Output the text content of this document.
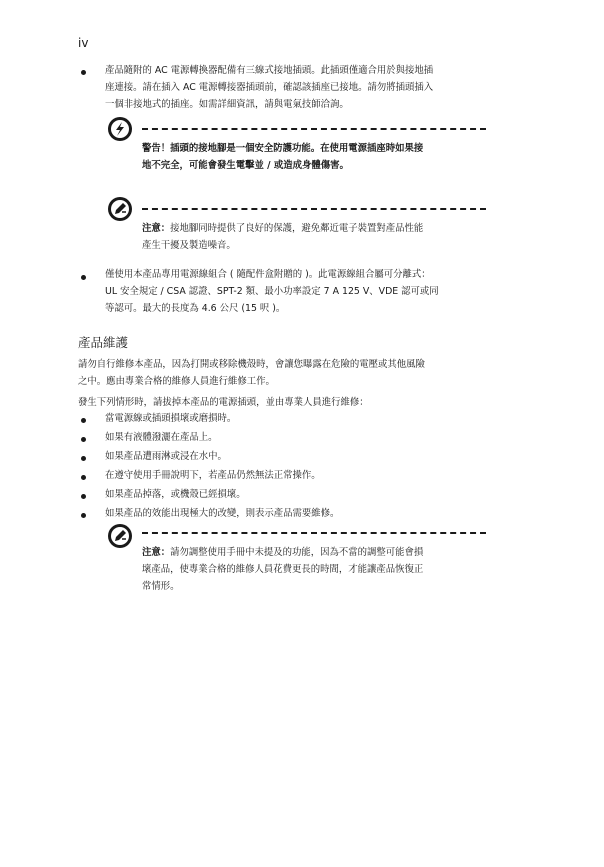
iv
產品隨附的 AC 電源轉換器配備有三線式接地插頭。此插頭僅適合用於與接地插
座連接。請在插入 AC 電源轉接器插頭前，確認該插座已接地。請勿將插頭插入
一個非接地式的插座。如需詳細資訊，請與電氣技師洽詢。
警告！插頭的接地腳是一個安全防護功能。在使用電源插座時如果接
地不完全，可能會發生電擊並 / 或造成身體傷害。
注意：接地腳同時提供了良好的保護，避免鄰近電子裝置對產品性能
產生干擾及製造噪音。
僅使用本產品專用電源線組合 ( 隨配件盒附贈的 )。此電源線組合屬可分離式：
UL 安全規定 / CSA 認證、SPT-2 類、最小功率設定 7 A 125 V、VDE 認可或同
等認可。最大的長度為 4.6 公尺 (15 呎 )。
產品維護
請勿自行維修本產品，因為打開或移除機殼時，會讓您曝露在危險的電壓或其他風險
之中。應由專業合格的維修人員進行維修工作。
發生下列情形時，請拔掉本產品的電源插頭，並由專業人員進行維修：
當電源線或插頭損壞或磨損時。
如果有液體潑灑在產品上。
如果產品遭雨淋或浸在水中。
在遵守使用手冊說明下，若產品仍然無法正常操作。
如果產品掉落，或機殼已經損壞。
如果產品的效能出現極大的改變，則表示產品需要維修。
注意：請勿調整使用手冊中未提及的功能，因為不當的調整可能會損
壞產品，使專業合格的維修人員花費更長的時間，才能讓產品恢復正
常情形。
